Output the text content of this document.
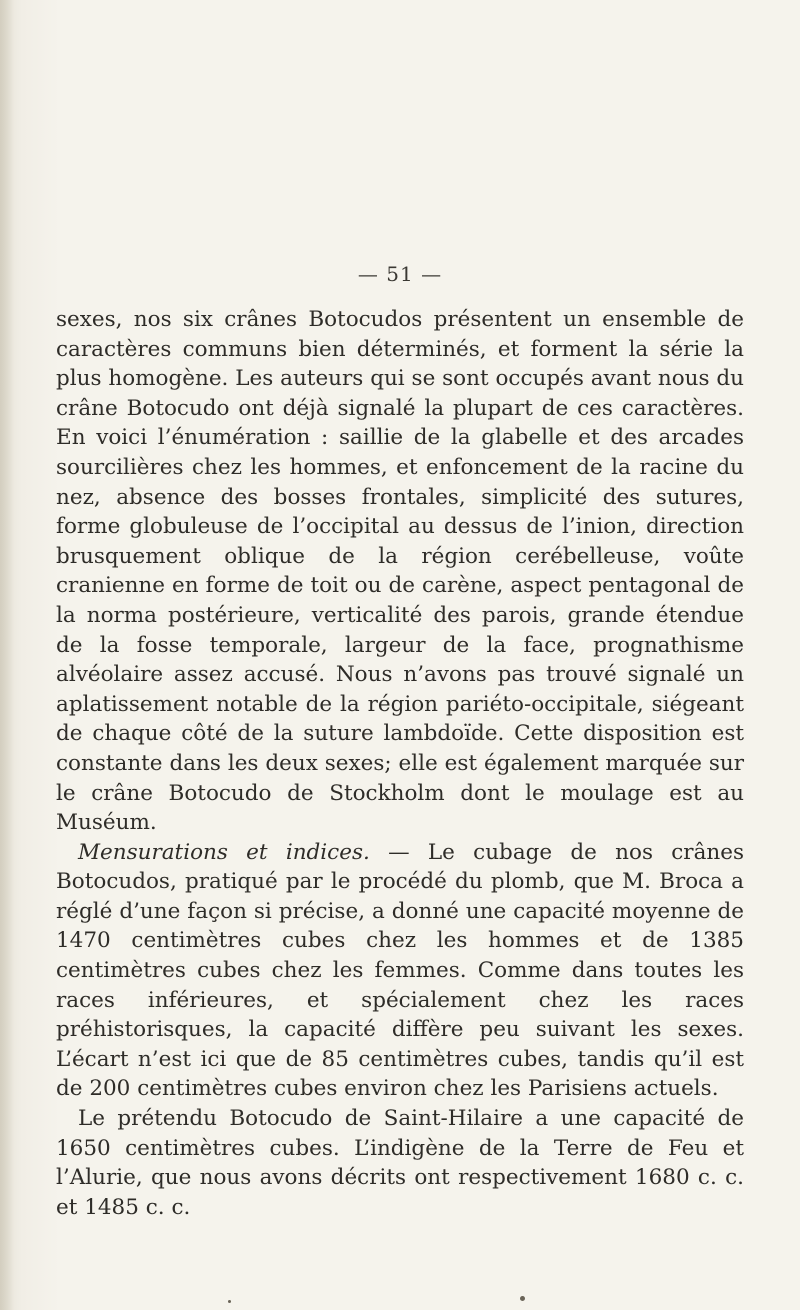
— 51 —

sexes, nos six crânes Botocudos présentent un ensemble de caractères communs bien déterminés, et forment la série la plus homogène. Les auteurs qui se sont occupés avant nous du crâne Botocudo ont déjà signalé la plupart de ces caractères. En voici l’énumération : saillie de la glabelle et des arcades sourcilières chez les hommes, et enfoncement de la racine du nez, absence des bosses frontales, simplicité des sutures, forme globuleuse de l’occipital au dessus de l’inion, direction brusquement oblique de la région cerébelleuse, voûte cranienne en forme de toit ou de carène, aspect pentagonal de la norma postérieure, verticalité des parois, grande étendue de la fosse temporale, largeur de la face, prognathisme alvéolaire assez accusé. Nous n’avons pas trouvé signalé un aplatissement notable de la région pariéto-occipitale, siégeant de chaque côté de la suture lambdoïde. Cette disposition est constante dans les deux sexes; elle est également marquée sur le crâne Botocudo de Stockholm dont le moulage est au Muséum.

Mensurations et indices. — Le cubage de nos crânes Botocudos, pratiqué par le procédé du plomb, que M. Broca a réglé d’une façon si précise, a donné une capacité moyenne de 1470 centimètres cubes chez les hommes et de 1385 centimètres cubes chez les femmes. Comme dans toutes les races inférieures, et spécialement chez les races préhistorisques, la capacité diffère peu suivant les sexes. L’écart n’est ici que de 85 centimètres cubes, tandis qu’il est de 200 centimètres cubes environ chez les Parisiens actuels.

Le prétendu Botocudo de Saint-Hilaire a une capacité de 1650 centimètres cubes. L’indigène de la Terre de Feu et l’Alurie, que nous avons décrits ont respectivement 1680 c. c. et 1485 c. c.
